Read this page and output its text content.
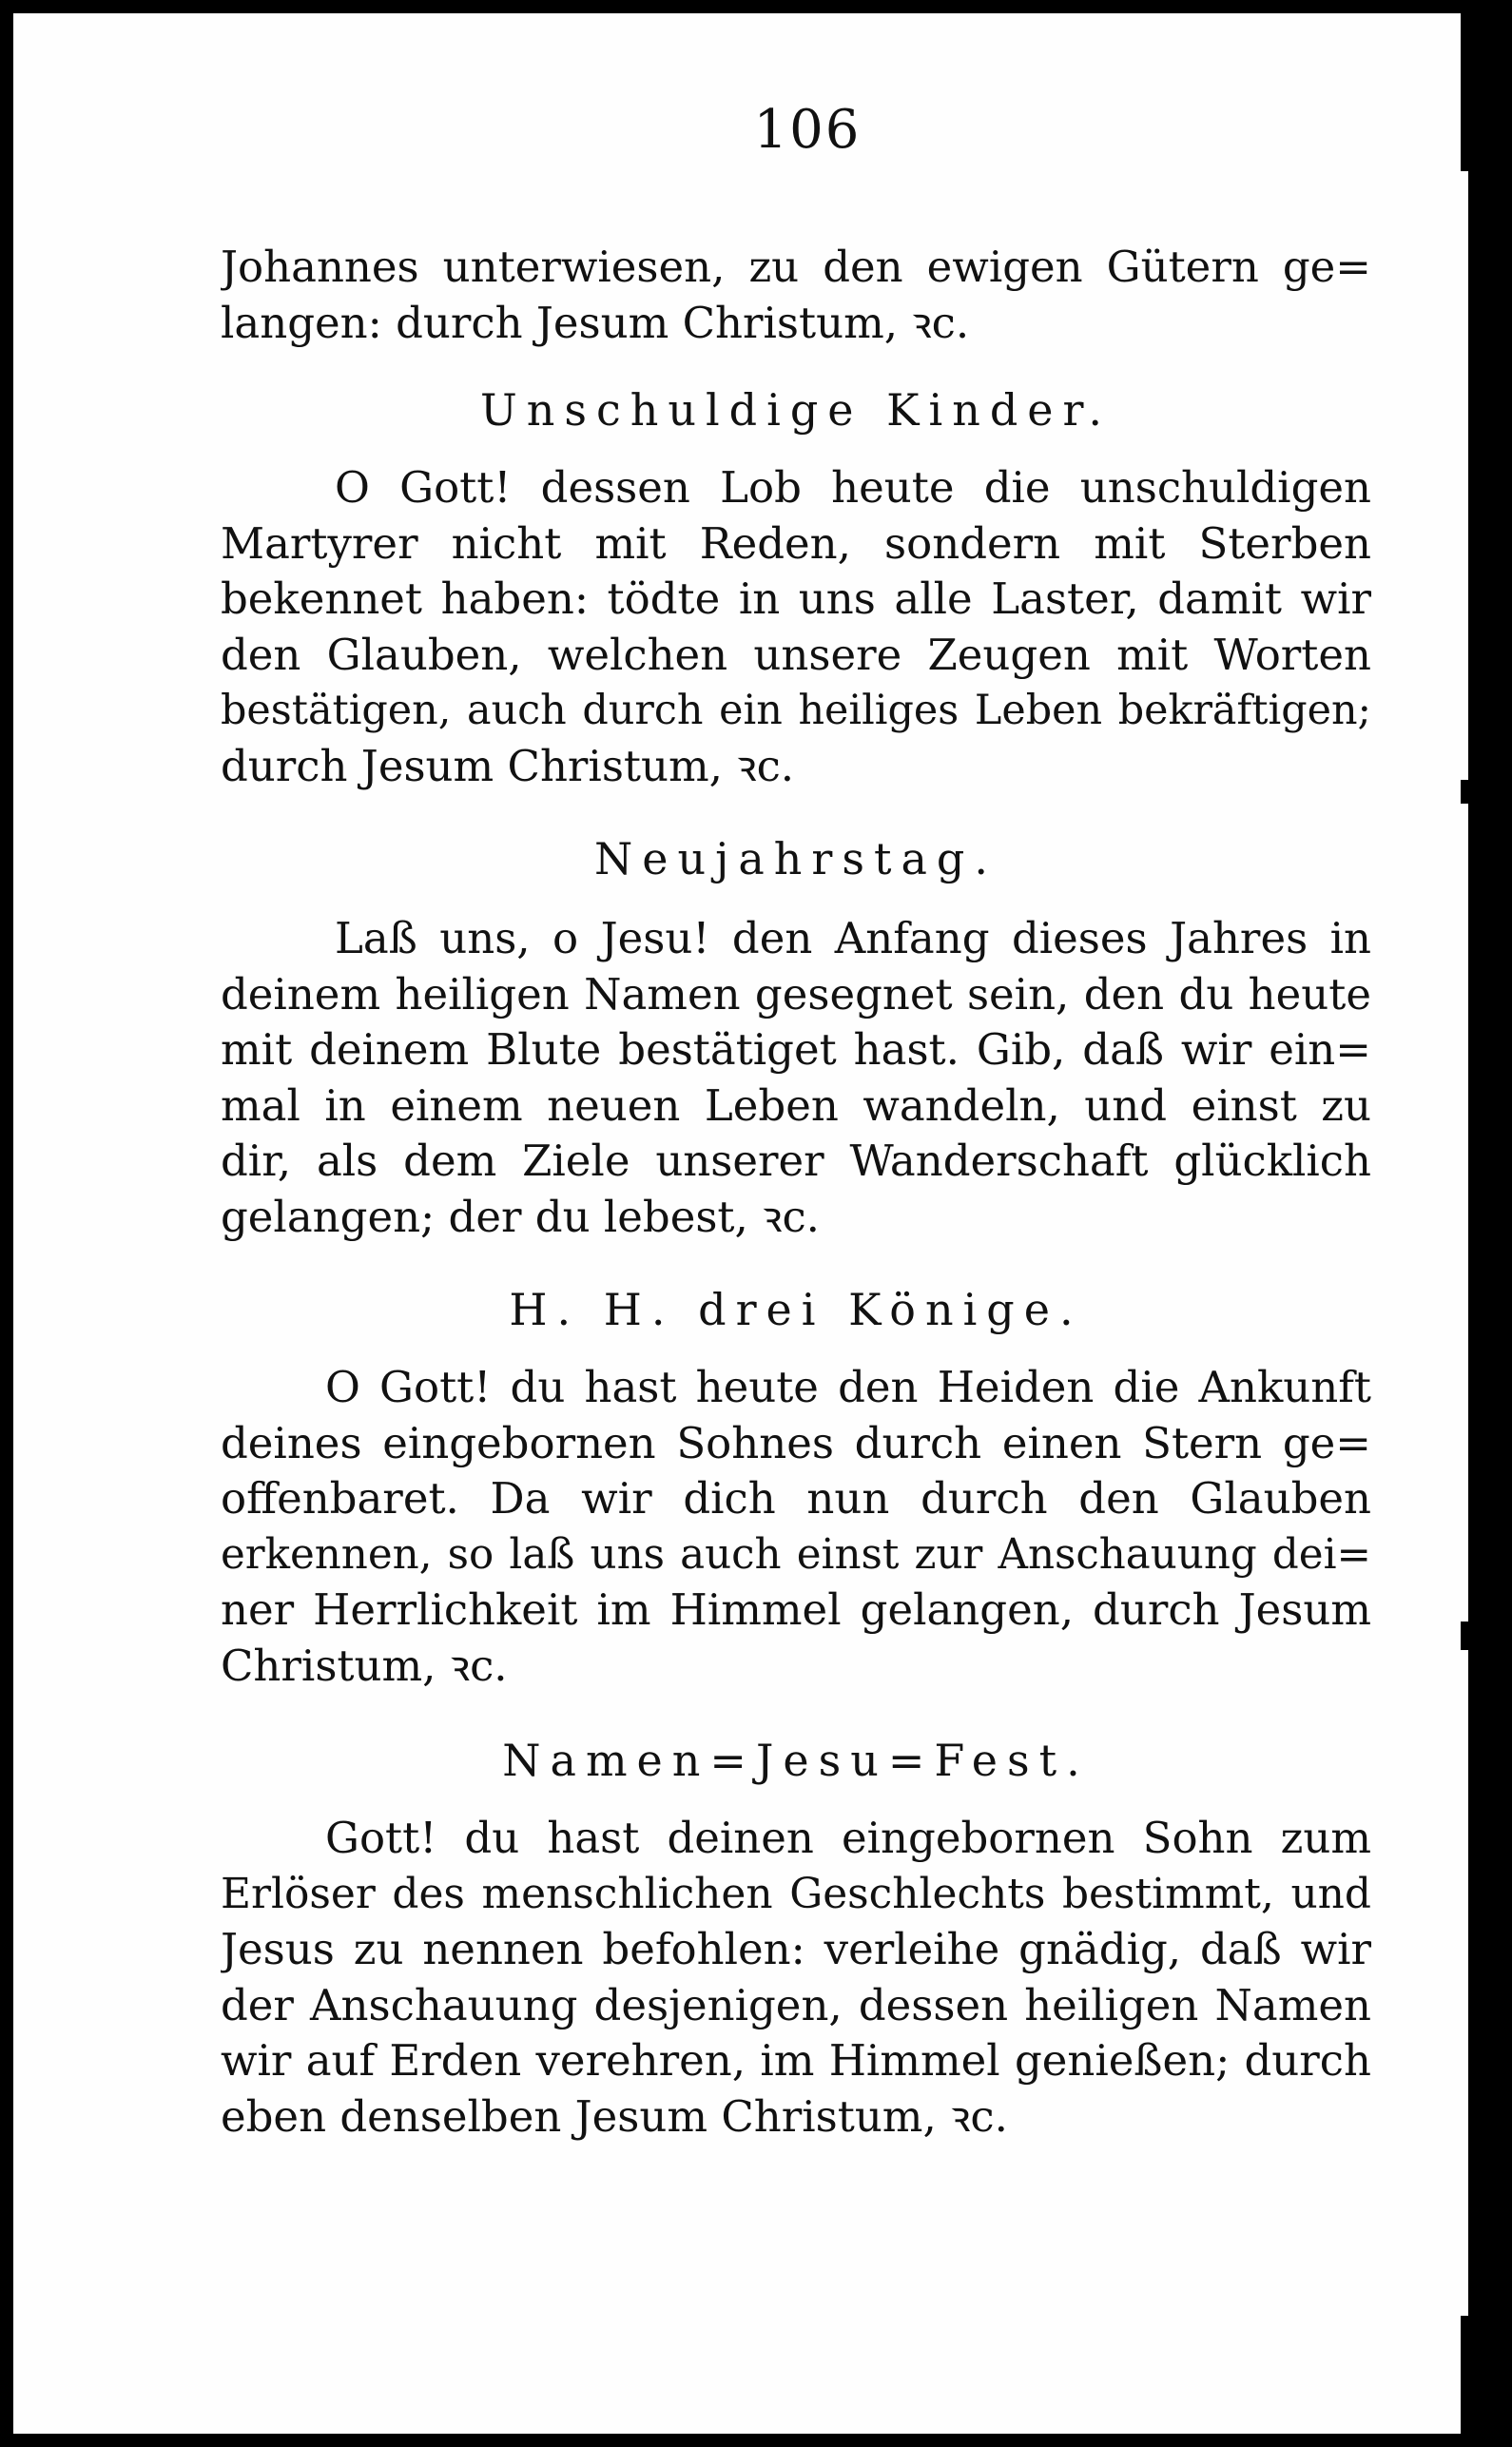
106
Johannes unterwiesen, zu den ewigen Gütern ge=
langen: durch Jesum Christum, ꝛc.
Unschuldige Kinder.
O Gott! dessen Lob heute die unschuldigen
Martyrer nicht mit Reden, sondern mit Sterben
bekennet haben: tödte in uns alle Laster, damit wir
den Glauben, welchen unsere Zeugen mit Worten
bestätigen, auch durch ein heiliges Leben bekräftigen;
durch Jesum Christum, ꝛc.
Neujahrstag.
Laß uns, o Jesu! den Anfang dieses Jahres in
deinem heiligen Namen gesegnet sein, den du heute
mit deinem Blute bestätiget hast. Gib, daß wir ein=
mal in einem neuen Leben wandeln, und einst zu
dir, als dem Ziele unserer Wanderschaft glücklich
gelangen; der du lebest, ꝛc.
H. H. drei Könige.
O Gott! du hast heute den Heiden die Ankunft
deines eingebornen Sohnes durch einen Stern ge=
offenbaret. Da wir dich nun durch den Glauben
erkennen, so laß uns auch einst zur Anschauung dei=
ner Herrlichkeit im Himmel gelangen, durch Jesum
Christum, ꝛc.
Namen=Jesu=Fest.
Gott! du hast deinen eingebornen Sohn zum
Erlöser des menschlichen Geschlechts bestimmt, und
Jesus zu nennen befohlen: verleihe gnädig, daß wir
der Anschauung desjenigen, dessen heiligen Namen
wir auf Erden verehren, im Himmel genießen; durch
eben denselben Jesum Christum, ꝛc.
